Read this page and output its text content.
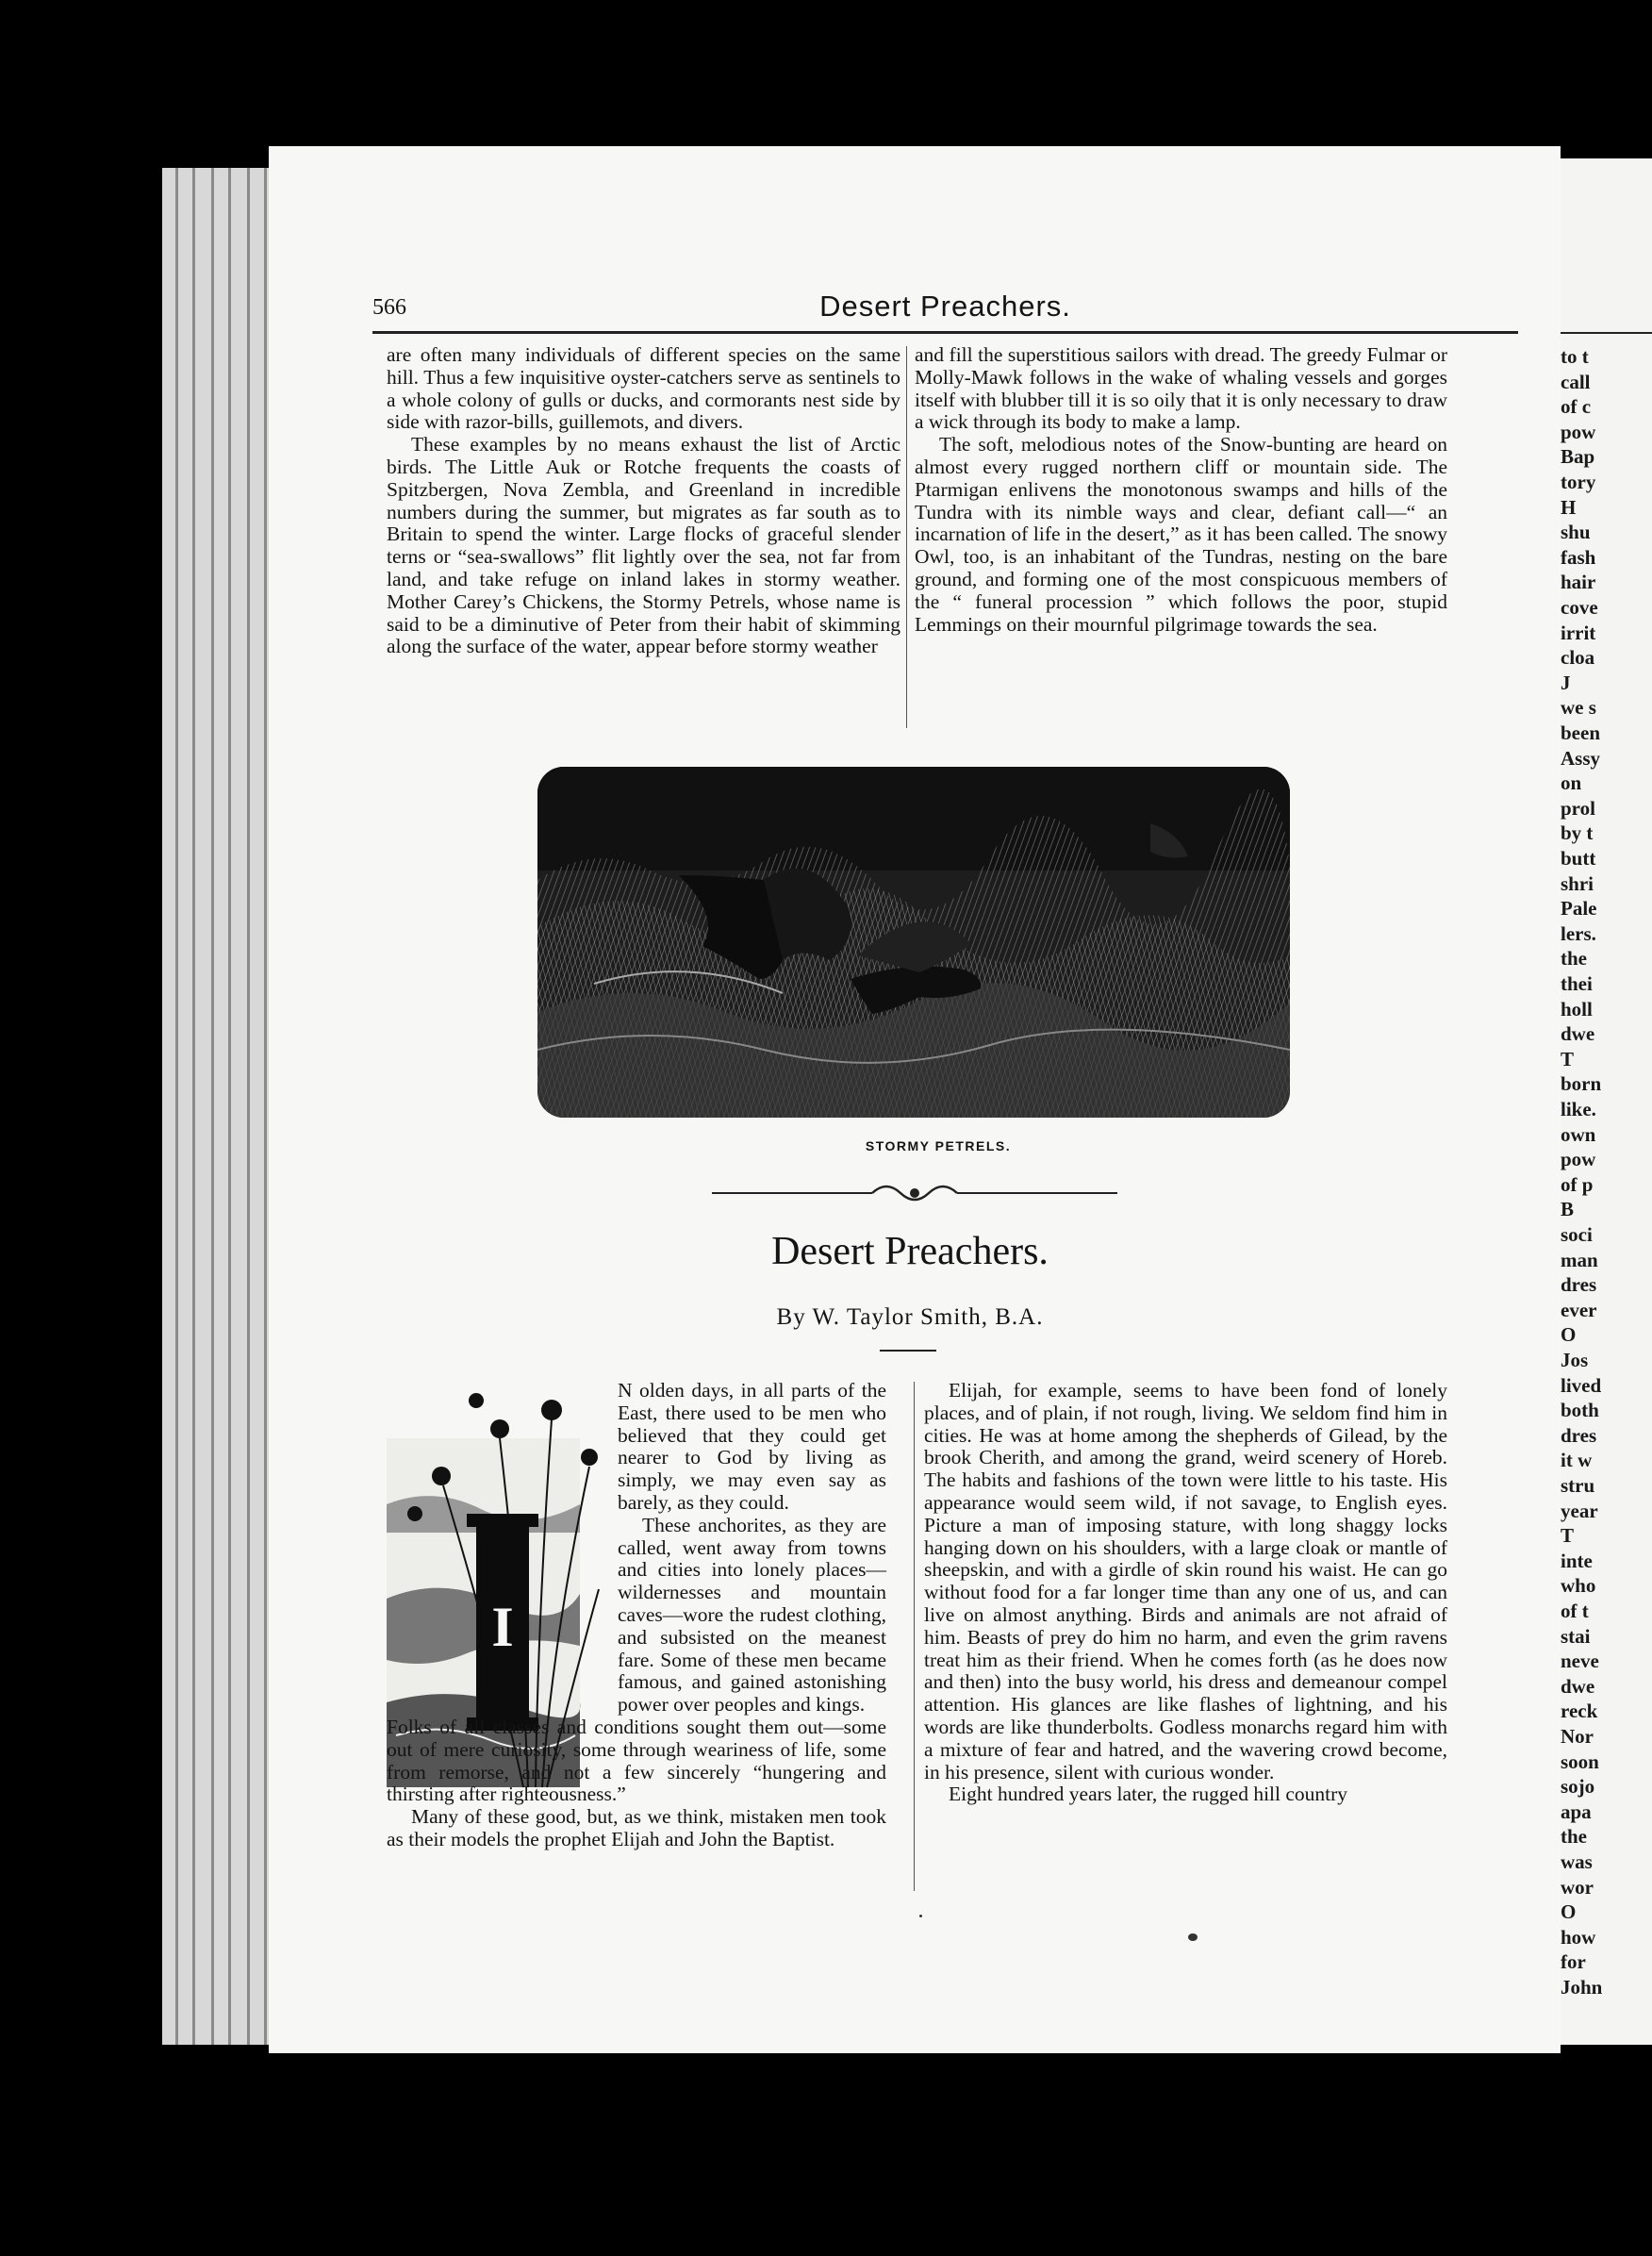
to t
call
of c
pow
Bap
tory
H
shu
fash
hair
cove
irrit
cloa
J
we s
been
Assy
on
prol
by t
butt
shri
Pale
lers.
the
thei
holl
dwe
T
born
like.
own
pow
of p
B
soci
man
dres
ever
O
Jos
lived
both
dres
it w
stru
year
T
inte
who
of t
stai
neve
dwe
reck
Nor
soon
sojo
apa
the
was
wor
O
how
for
John
566	Desert Preachers.

are often many individuals of different species on the same hill. Thus a few inquisitive oyster-catchers serve as sentinels to a whole colony of gulls or ducks, and cormorants nest side by side with razor-bills, guillemots, and divers.

These examples by no means exhaust the list of Arctic birds. The Little Auk or Rotche frequents the coasts of Spitzbergen, Nova Zembla, and Greenland in incredible numbers during the summer, but migrates as far south as to Britain to spend the winter. Large flocks of graceful slender terns or “sea-swallows” flit lightly over the sea, not far from land, and take refuge on inland lakes in stormy weather. Mother Carey’s Chickens, the Stormy Petrels, whose name is said to be a diminutive of Peter from their habit of skimming along the surface of the water, appear before stormy weather

and fill the superstitious sailors with dread. The greedy Fulmar or Molly-Mawk follows in the wake of whaling vessels and gorges itself with blubber till it is so oily that it is only necessary to draw a wick through its body to make a lamp.

The soft, melodious notes of the Snow-bunting are heard on almost every rugged northern cliff or mountain side. The Ptarmigan enlivens the monotonous swamps and hills of the Tundra with its nimble ways and clear, defiant call—“ an incarnation of life in the desert,” as it has been called. The snowy Owl, too, is an inhabitant of the Tundras, nesting on the bare ground, and forming one of the most conspicuous members of the “ funeral procession ” which follows the poor, stupid Lemmings on their mournful pilgrimage towards the sea.

STORMY PETRELS.
Desert Preachers.
By W. Taylor Smith, B.A.
I

N olden days, in all parts of the East, there used to be men who believed that they could get nearer to God by living as simply, we may even say as barely, as they could.

These anchorites, as they are called, went away from towns and cities into lonely places—wildernesses and mountain caves—wore the rudest clothing, and subsisted on the meanest fare. Some of these men became famous, and gained astonishing power over peoples and kings.

Folks of all classes and conditions sought them out—some out of mere curiosity, some through weariness of life, some from remorse, and not a few sincerely “hungering and thirsting after righteousness.”

Many of these good, but, as we think, mistaken men took as their models the prophet Elijah and John the Baptist.

Elijah, for example, seems to have been fond of lonely places, and of plain, if not rough, living. We seldom find him in cities. He was at home among the shepherds of Gilead, by the brook Cherith, and among the grand, weird scenery of Horeb. The habits and fashions of the town were little to his taste. His appearance would seem wild, if not savage, to English eyes. Picture a man of imposing stature, with long shaggy locks hanging down on his shoulders, with a large cloak or mantle of sheepskin, and with a girdle of skin round his waist. He can go without food for a far longer time than any one of us, and can live on almost anything. Birds and animals are not afraid of him. Beasts of prey do him no harm, and even the grim ravens treat him as their friend. When he comes forth (as he does now and then) into the busy world, his dress and demeanour compel attention. His glances are like flashes of lightning, and his words are like thunderbolts. Godless monarchs regard him with a mixture of fear and hatred, and the wavering crowd become, in his presence, silent with curious wonder.

Eight hundred years later, the rugged hill country
